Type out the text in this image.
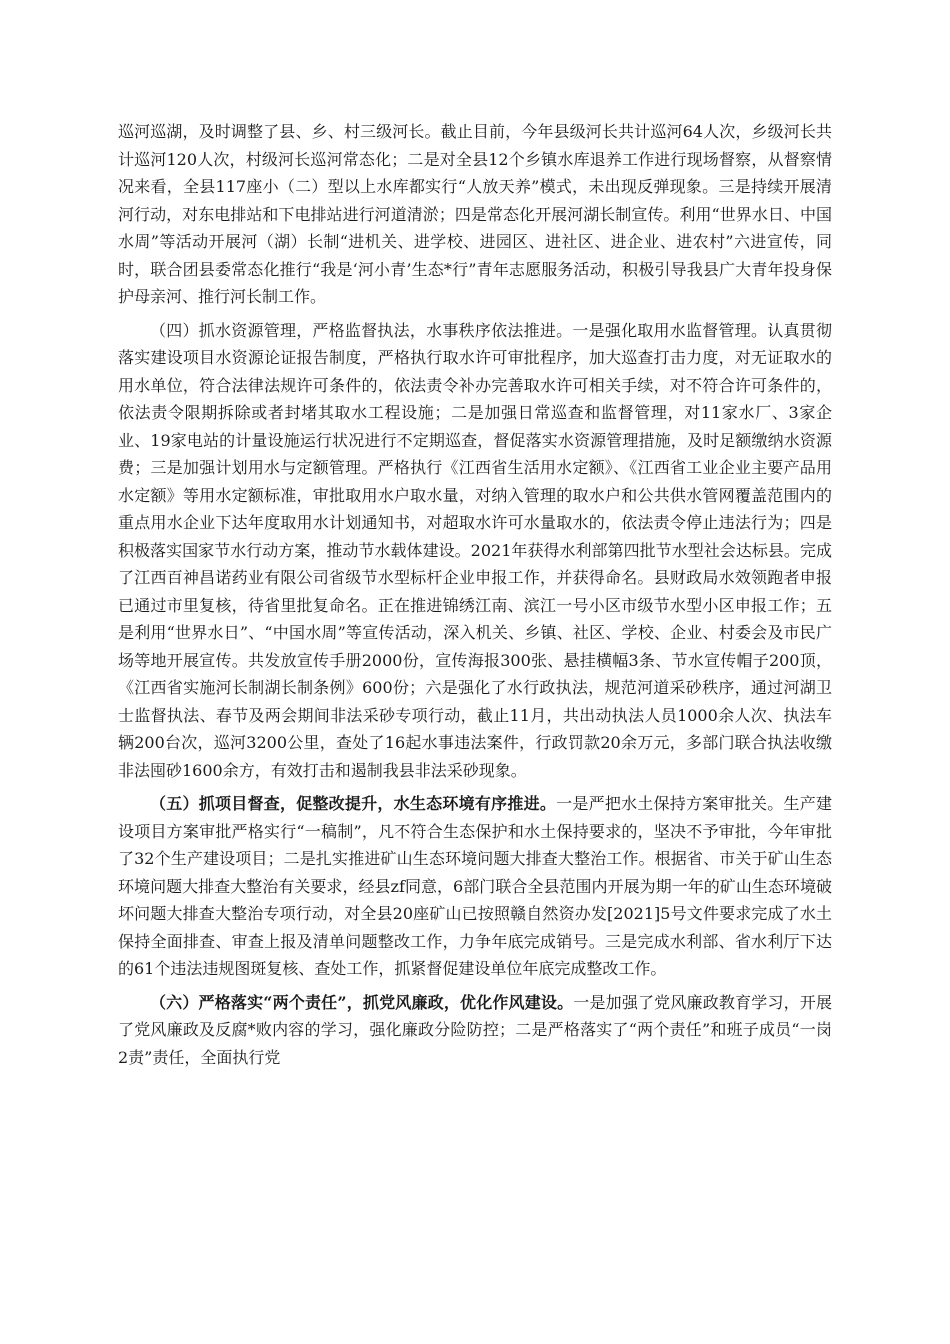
巡河巡湖，及时调整了县、乡、村三级河长。截止目前，今年县级河长共计巡河64人次，乡级河长共计巡河120人次，村级河长巡河常态化；二是对全县12个乡镇水库退养工作进行现场督察，从督察情况来看，全县117座小（二）型以上水库都实行“人放天养”模式，未出现反弹现象。三是持续开展清河行动，对东电排站和下电排站进行河道清淤；四是常态化开展河湖长制宣传。利用“世界水日、中国水周”等活动开展河（湖）长制“进机关、进学校、进园区、进社区、进企业、进农村”六进宣传，同时，联合团县委常态化推行“我是‘河小青’生态*行”青年志愿服务活动，积极引导我县广大青年投身保护母亲河、推行河长制工作。

（四）抓水资源管理，严格监督执法，水事秩序依法推进。一是强化取用水监督管理。认真贯彻落实建设项目水资源论证报告制度，严格执行取水许可审批程序，加大巡查打击力度，对无证取水的用水单位，符合法律法规许可条件的，依法责令补办完善取水许可相关手续，对不符合许可条件的，依法责令限期拆除或者封堵其取水工程设施；二是加强日常巡查和监督管理，对11家水厂、3家企业、19家电站的计量设施运行状况进行不定期巡查，督促落实水资源管理措施，及时足额缴纳水资源费；三是加强计划用水与定额管理。严格执行《江西省生活用水定额》、《江西省工业企业主要产品用水定额》等用水定额标准，审批取用水户取水量，对纳入管理的取水户和公共供水管网覆盖范围内的重点用水企业下达年度取用水计划通知书，对超取水许可水量取水的，依法责令停止违法行为；四是积极落实国家节水行动方案，推动节水载体建设。2021年获得水利部第四批节水型社会达标县。完成了江西百神昌诺药业有限公司省级节水型标杆企业申报工作，并获得命名。县财政局水效领跑者申报已通过市里复核，待省里批复命名。正在推进锦绣江南、滨江一号小区市级节水型小区申报工作；五是利用“世界水日”、“中国水周”等宣传活动，深入机关、乡镇、社区、学校、企业、村委会及市民广场等地开展宣传。共发放宣传手册2000份，宣传海报300张、悬挂横幅3条、节水宣传帽子200顶，《江西省实施河长制湖长制条例》600份；六是强化了水行政执法，规范河道采砂秩序，通过河湖卫士监督执法、春节及两会期间非法采砂专项行动，截止11月，共出动执法人员1000余人次、执法车辆200台次，巡河3200公里，查处了16起水事违法案件，行政罚款20余万元，多部门联合执法收缴非法囤砂1600余方，有效打击和遏制我县非法采砂现象。

（五）抓项目督查，促整改提升，水生态环境有序推进。一是严把水土保持方案审批关。生产建设项目方案审批严格实行“一稿制”，凡不符合生态保护和水土保持要求的，坚决不予审批，今年审批了32个生产建设项目；二是扎实推进矿山生态环境问题大排查大整治工作。根据省、市关于矿山生态环境问题大排查大整治有关要求，经县zf同意，6部门联合全县范围内开展为期一年的矿山生态环境破坏问题大排查大整治专项行动，对全县20座矿山已按照赣自然资办发[2021]5号文件要求完成了水土保持全面排查、审查上报及清单问题整改工作，力争年底完成销号。三是完成水利部、省水利厅下达的61个违法违规图斑复核、查处工作，抓紧督促建设单位年底完成整改工作。

（六）严格落实“两个责任”，抓党风廉政，优化作风建设。一是加强了党风廉政教育学习，开展了党风廉政及反腐*败内容的学习，强化廉政分险防控；二是严格落实了“两个责任”和班子成员“一岗2责”责任，全面执行党
